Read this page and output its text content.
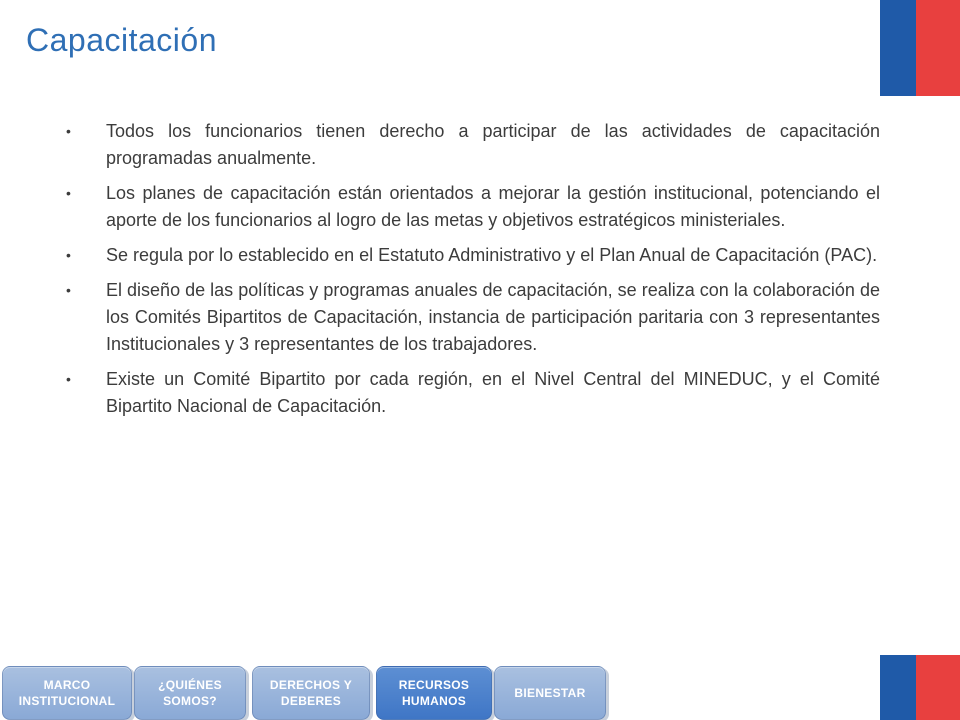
Capacitación
• Todos los funcionarios tienen derecho a participar de las actividades de capacitación programadas anualmente.
• Los planes de capacitación están orientados a mejorar la gestión institucional, potenciando el aporte de los funcionarios al logro de las metas y objetivos estratégicos ministeriales.
• Se regula por lo establecido en el Estatuto Administrativo y el Plan Anual de Capacitación (PAC).
• El diseño de las políticas y programas anuales de capacitación, se realiza con la colaboración de los Comités Bipartitos de Capacitación, instancia de participación paritaria con 3 representantes Institucionales y 3 representantes de los trabajadores.
• Existe un Comité Bipartito por cada región, en el Nivel Central del MINEDUC, y el Comité Bipartito Nacional de Capacitación.
MARCO
INSTITUCIONAL
¿QUIÉNES
SOMOS?
DERECHOS Y
DEBERES
RECURSOS
HUMANOS
BIENESTAR
